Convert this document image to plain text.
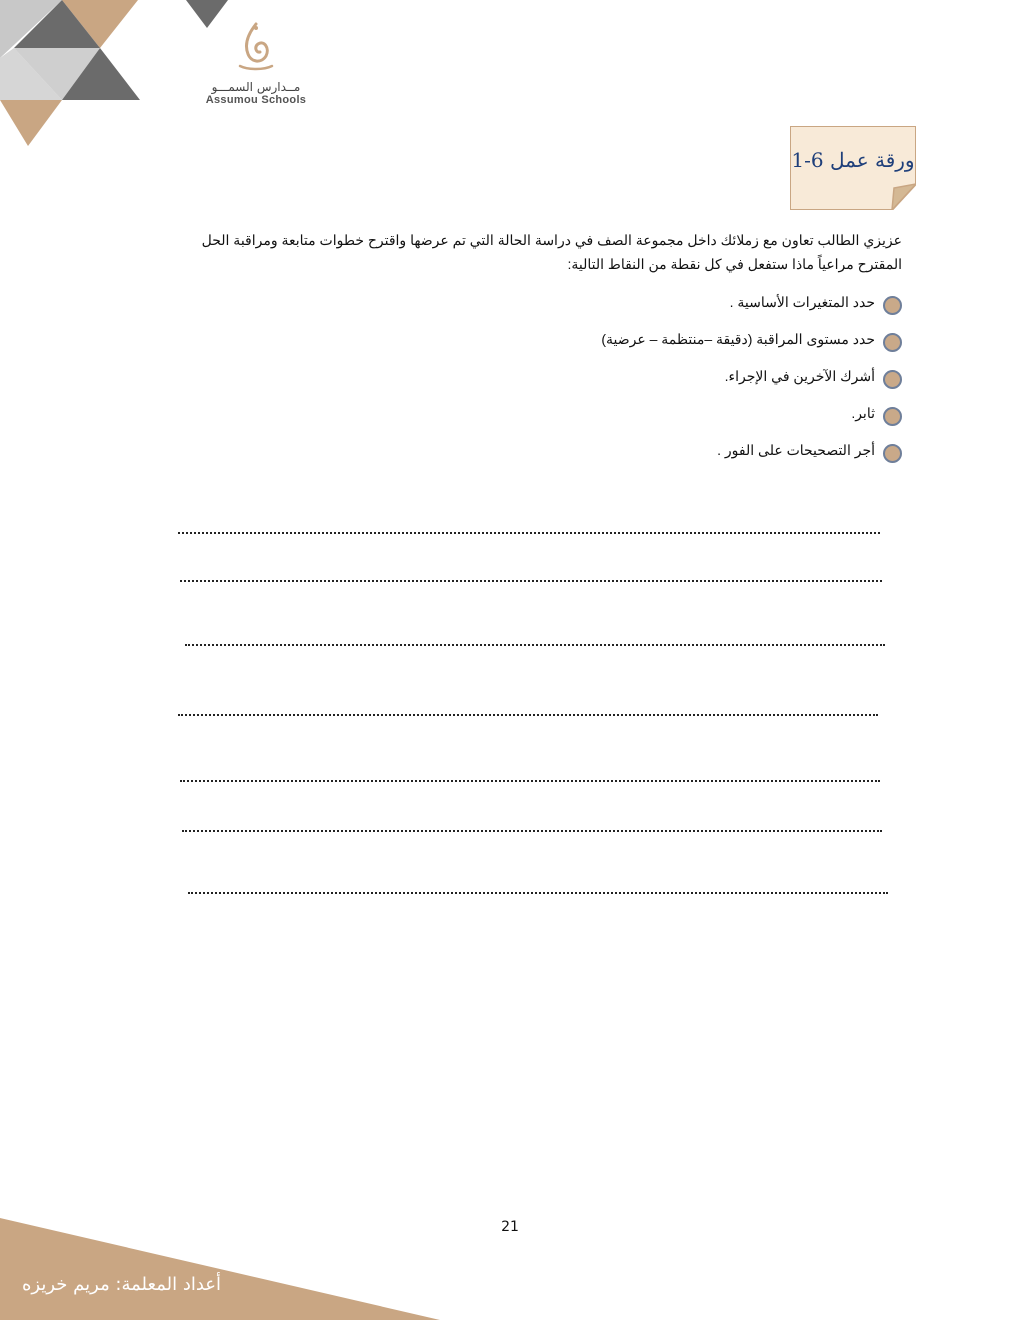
مــدارس السمـــو
Assumou Schools
ورقة عمل 6-1
عزيزي الطالب تعاون مع زملائك داخل مجموعة الصف في دراسة الحالة التي تم عرضها واقترح خطوات متابعة ومراقبة الحل
المقترح مراعياً ماذا ستفعل في كل نقطة من النقاط التالية:
حدد المتغيرات الأساسية .
حدد مستوى المراقبة (دقيقة –منتظمة – عرضية)
أشرك الآخرين في الإجراء.
ثابر.
أجر التصحيحات على الفور .
21
أعداد المعلمة: مريم خريزه
